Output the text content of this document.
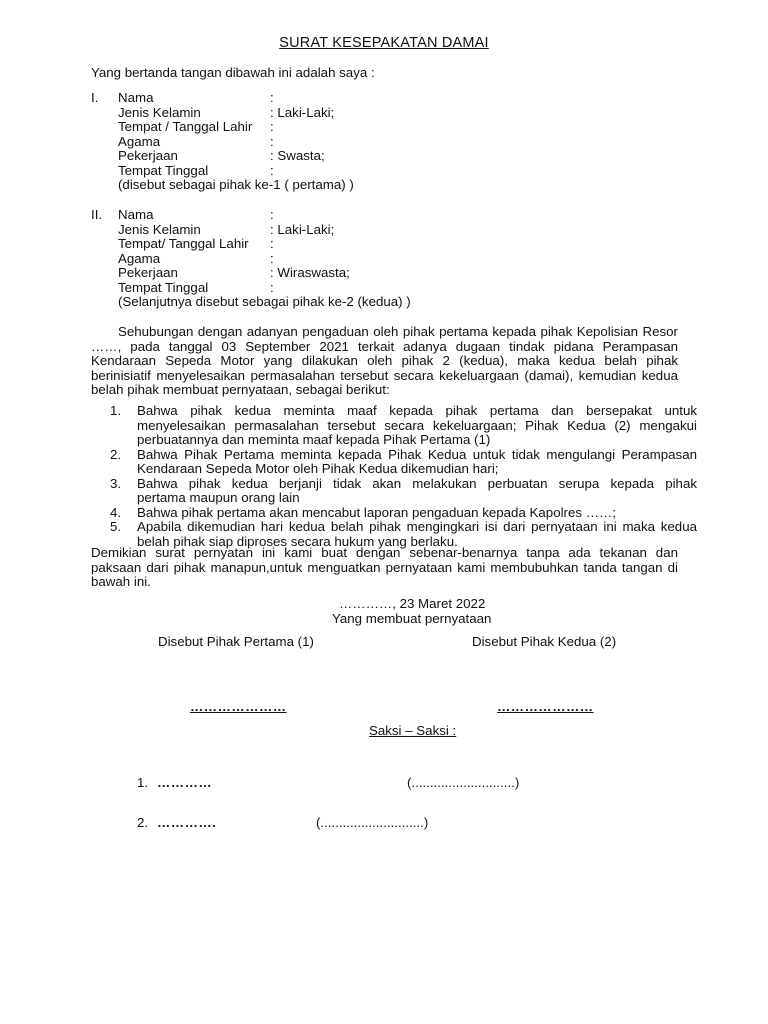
SURAT KESEPAKATAN DAMAI
Yang bertanda tangan dibawah ini adalah saya :
I. Nama	:
Jenis Kelamin	: Laki-Laki;
Tempat / Tanggal Lahir :
Agama	:
Pekerjaan	: Swasta;
Tempat Tinggal	:
(disebut sebagai pihak ke-1 ( pertama) )
II. Nama	:
Jenis Kelamin	: Laki-Laki;
Tempat/ Tanggal Lahir :
Agama	:
Pekerjaan	: Wiraswasta;
Tempat Tinggal	:
(Selanjutnya disebut sebagai pihak ke-2 (kedua) )
Sehubungan dengan adanyan pengaduan oleh pihak pertama kepada pihak Kepolisian Resor
……, pada tanggal 03 September 2021 terkait adanya dugaan tindak pidana Perampasan
Kendaraan Sepeda Motor yang dilakukan oleh pihak 2 (kedua), maka kedua belah pihak
berinisiatif menyelesaikan permasalahan tersebut secara kekeluargaan (damai), kemudian kedua
belah pihak membuat pernyataan, sebagai berikut:
1. Bahwa pihak kedua meminta maaf kepada pihak pertama dan bersepakat untuk
menyelesaikan permasalahan tersebut secara kekeluargaan; Pihak Kedua (2) mengakui
perbuatannya dan meminta maaf kepada Pihak Pertama (1)
2. Bahwa Pihak Pertama meminta kepada Pihak Kedua untuk tidak mengulangi Perampasan
Kendaraan Sepeda Motor oleh Pihak Kedua dikemudian hari;
3. Bahwa pihak kedua berjanji tidak akan melakukan perbuatan serupa kepada pihak
pertama maupun orang lain
4. Bahwa pihak pertama akan mencabut laporan pengaduan kepada Kapolres ……;
5. Apabila dikemudian hari kedua belah pihak mengingkari isi dari pernyataan ini maka kedua
belah pihak siap diproses secara hukum yang berlaku.
Demikian surat pernyatan ini kami buat dengan sebenar-benarnya tanpa ada tekanan dan
paksaan dari pihak manapun,untuk menguatkan pernyataan kami membubuhkan tanda tangan di
bawah ini.
…………, 23 Maret 2022
Yang membuat pernyataan
Disebut Pihak Pertama (1)	Disebut Pihak Kedua (2)
…………………	…………………
Saksi – Saksi :
1. …………	(............................)
2. ………….	(............................)
